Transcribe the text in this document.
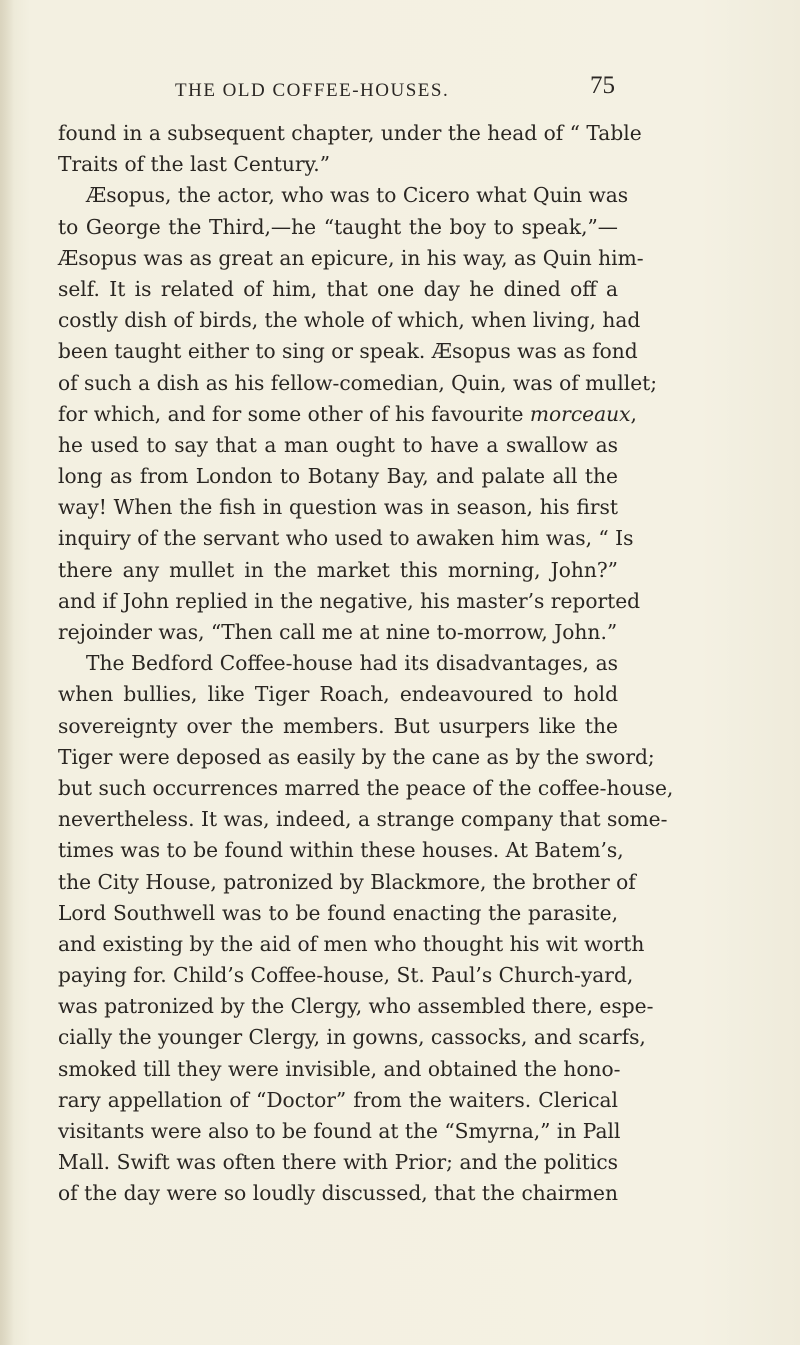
THE OLD COFFEE-HOUSES.	75
found in a subsequent chapter, under the head of “ Table
Traits of the last Century.”
Æsopus, the actor, who was to Cicero what Quin was
to George the Third,—he “taught the boy to speak,”—
Æsopus was as great an epicure, in his way, as Quin him-
self. It is related of him, that one day he dined off a
costly dish of birds, the whole of which, when living, had
been taught either to sing or speak. Æsopus was as fond
of such a dish as his fellow-comedian, Quin, was of mullet;
for which, and for some other of his favourite morceaux,
he used to say that a man ought to have a swallow as
long as from London to Botany Bay, and palate all the
way! When the fish in question was in season, his first
inquiry of the servant who used to awaken him was, “ Is
there any mullet in the market this morning, John?”
and if John replied in the negative, his master’s reported
rejoinder was, “Then call me at nine to-morrow, John.”
The Bedford Coffee-house had its disadvantages, as
when bullies, like Tiger Roach, endeavoured to hold
sovereignty over the members. But usurpers like the
Tiger were deposed as easily by the cane as by the sword;
but such occurrences marred the peace of the coffee-house,
nevertheless. It was, indeed, a strange company that some-
times was to be found within these houses. At Batem’s,
the City House, patronized by Blackmore, the brother of
Lord Southwell was to be found enacting the parasite,
and existing by the aid of men who thought his wit worth
paying for. Child’s Coffee-house, St. Paul’s Church-yard,
was patronized by the Clergy, who assembled there, espe-
cially the younger Clergy, in gowns, cassocks, and scarfs,
smoked till they were invisible, and obtained the hono-
rary appellation of “Doctor” from the waiters. Clerical
visitants were also to be found at the “Smyrna,” in Pall
Mall. Swift was often there with Prior; and the politics
of the day were so loudly discussed, that the chairmen
